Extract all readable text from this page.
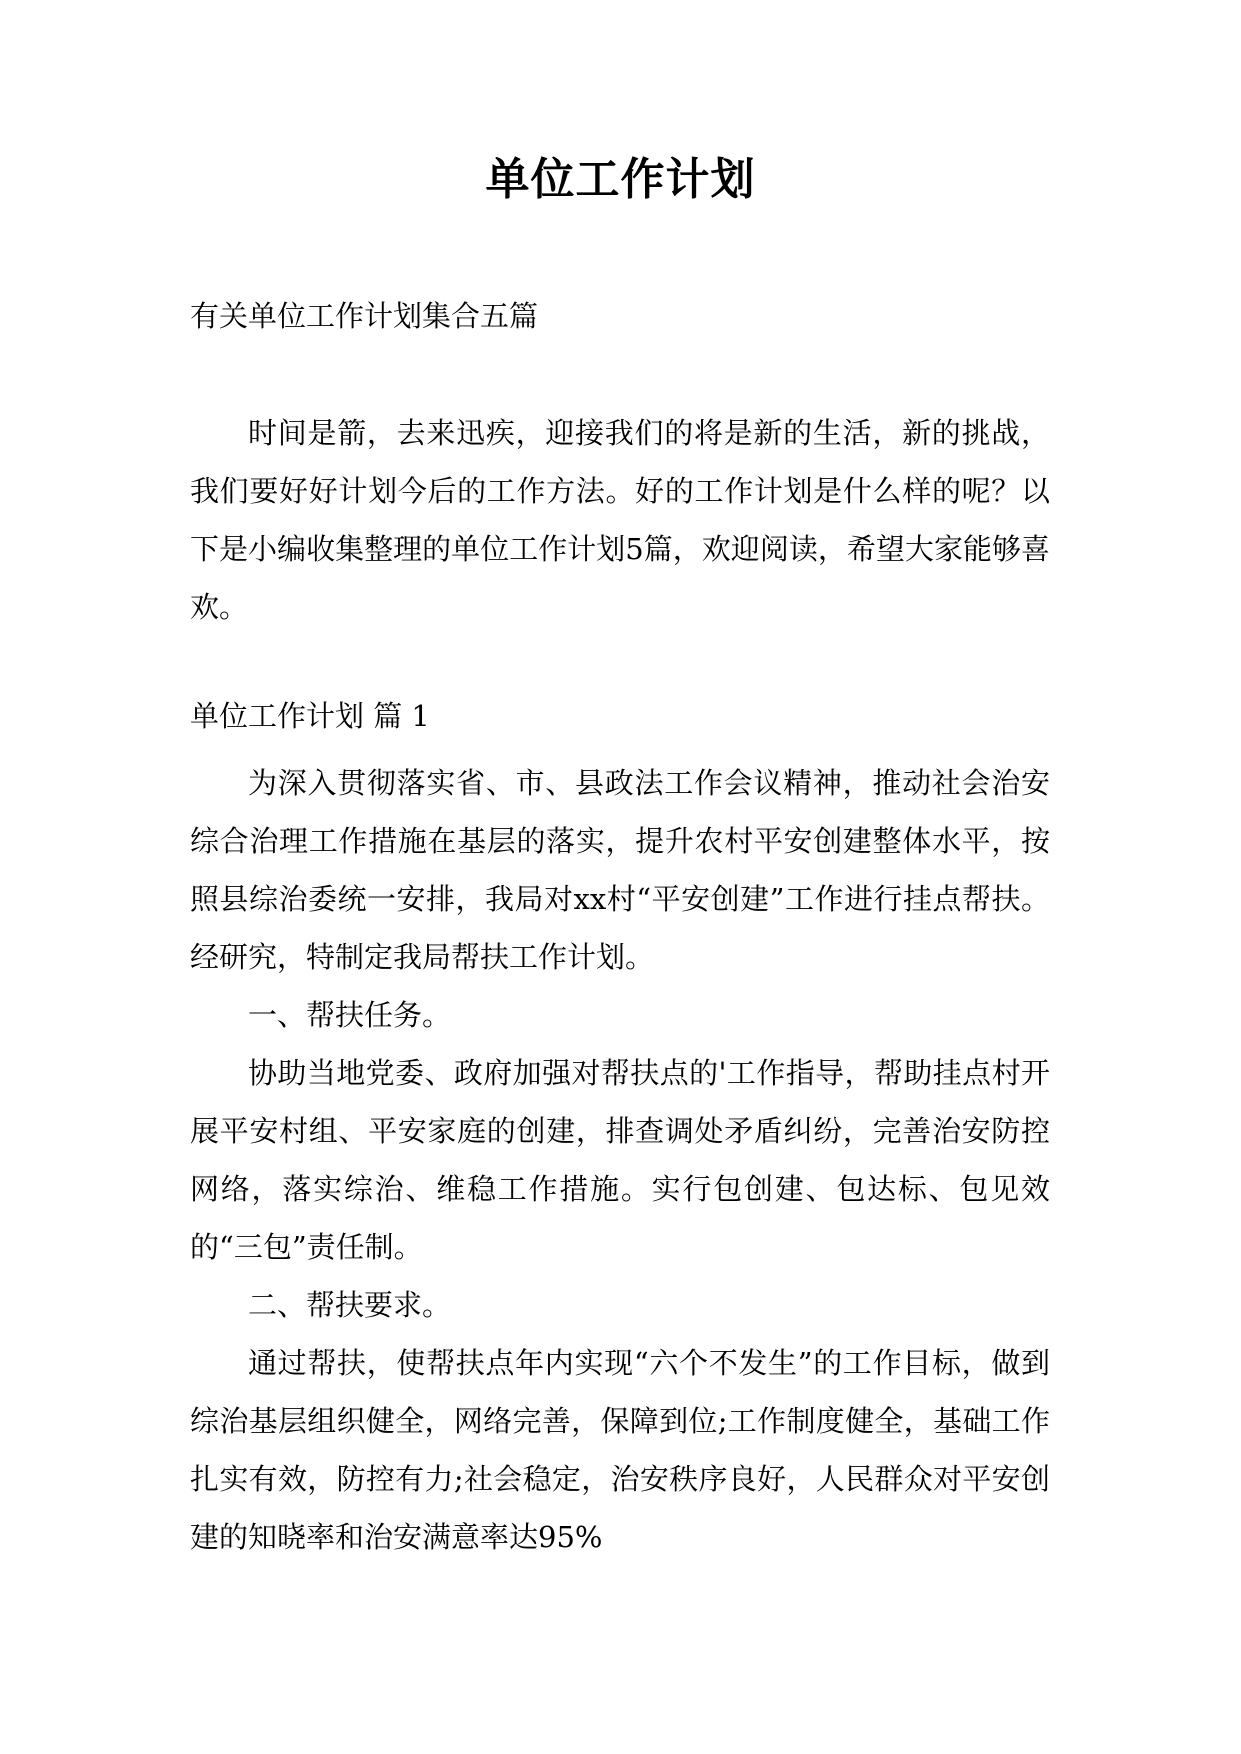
单位工作计划
有关单位工作计划集合五篇
时间是箭，去来迅疾，迎接我们的将是新的生活，新的挑战，我们要好好计划今后的工作方法。好的工作计划是什么样的呢？以下是小编收集整理的单位工作计划5篇，欢迎阅读，希望大家能够喜欢。
单位工作计划 篇 1
为深入贯彻落实省、市、县政法工作会议精神，推动社会治安综合治理工作措施在基层的落实，提升农村平安创建整体水平，按照县综治委统一安排，我局对xx村“平安创建”工作进行挂点帮扶。经研究，特制定我局帮扶工作计划。
一、帮扶任务。
协助当地党委、政府加强对帮扶点的'工作指导，帮助挂点村开展平安村组、平安家庭的创建，排查调处矛盾纠纷，完善治安防控网络，落实综治、维稳工作措施。实行包创建、包达标、包见效的“三包”责任制。
二、帮扶要求。
通过帮扶，使帮扶点年内实现“六个不发生”的工作目标，做到综治基层组织健全，网络完善，保障到位;工作制度健全，基础工作扎实有效，防控有力;社会稳定，治安秩序良好，人民群众对平安创建的知晓率和治安满意率达95%
